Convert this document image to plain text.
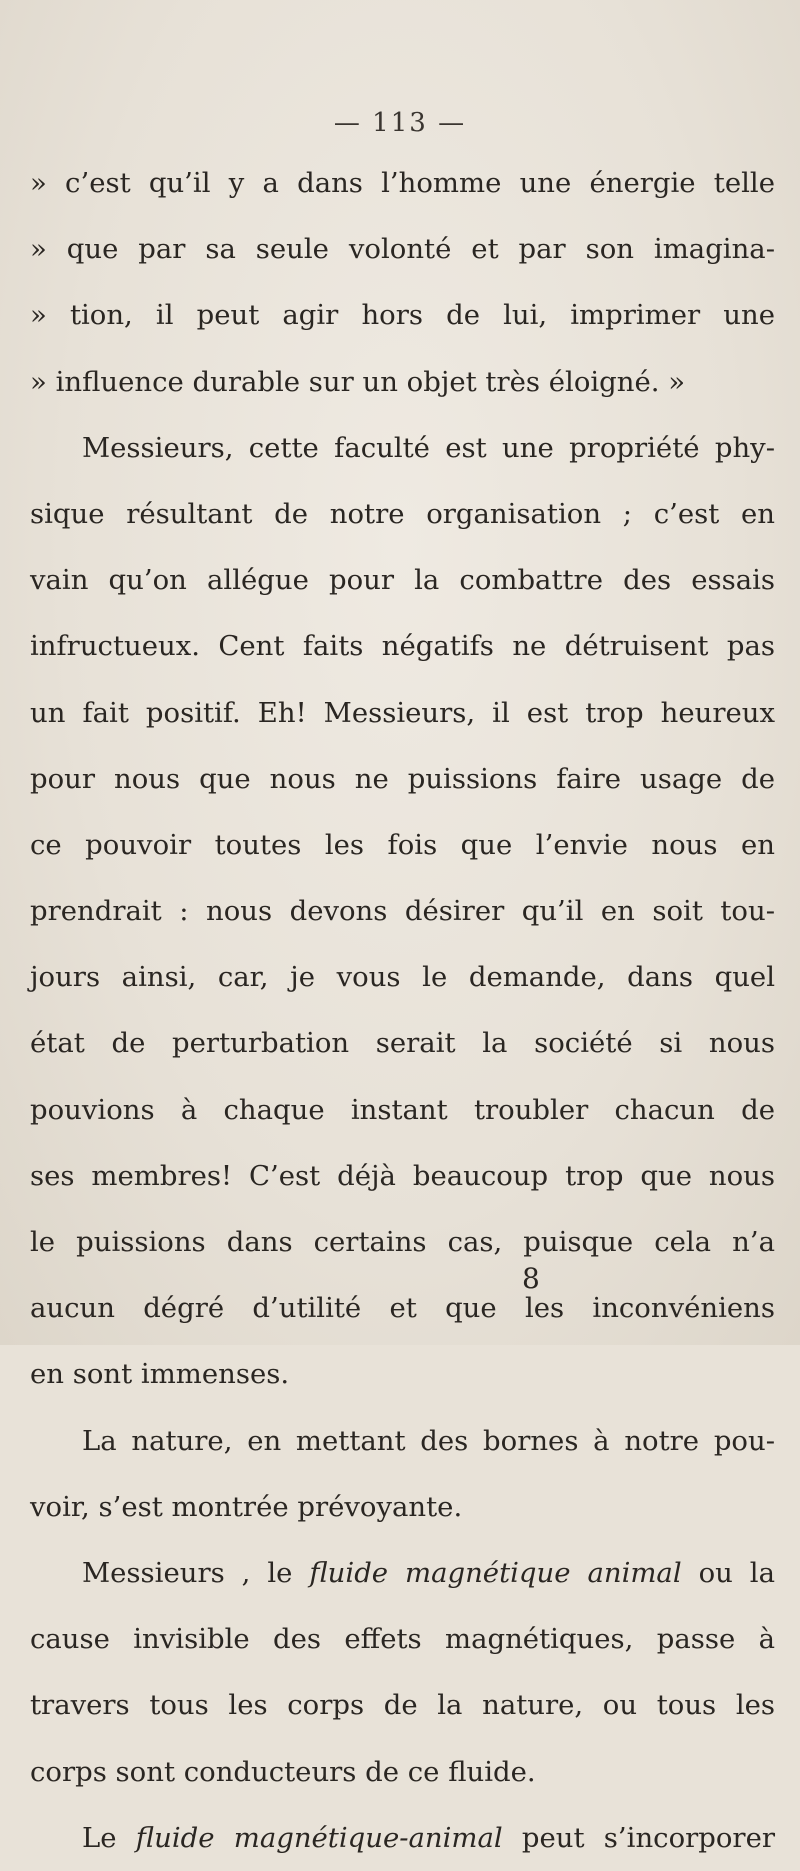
— 113 —
» c’est qu’il y a dans l’homme une énergie telle
» que par sa seule volonté et par son imagina-
» tion, il peut agir hors de lui, imprimer une
» influence durable sur un objet très éloigné. »
Messieurs, cette faculté est une propriété phy-
sique résultant de notre organisation ; c’est en
vain qu’on allégue pour la combattre des essais
infructueux. Cent faits négatifs ne détruisent pas
un fait positif. Eh! Messieurs, il est trop heureux
pour nous que nous ne puissions faire usage de
ce pouvoir toutes les fois que l’envie nous en
prendrait : nous devons désirer qu’il en soit tou-
jours ainsi, car, je vous le demande, dans quel
état de perturbation serait la société si nous
pouvions à chaque instant troubler chacun de
ses membres! C’est déjà beaucoup trop que nous
le puissions dans certains cas, puisque cela n’a
aucun dégré d’utilité et que les inconvéniens
en sont immenses.
La nature, en mettant des bornes à notre pou-
voir, s’est montrée prévoyante.
Messieurs , le fluide magnétique animal ou la
cause invisible des effets magnétiques, passe à
travers tous les corps de la nature, ou tous les
corps sont conducteurs de ce fluide.
Le fluide magnétique-animal peut s’incorporer
8
